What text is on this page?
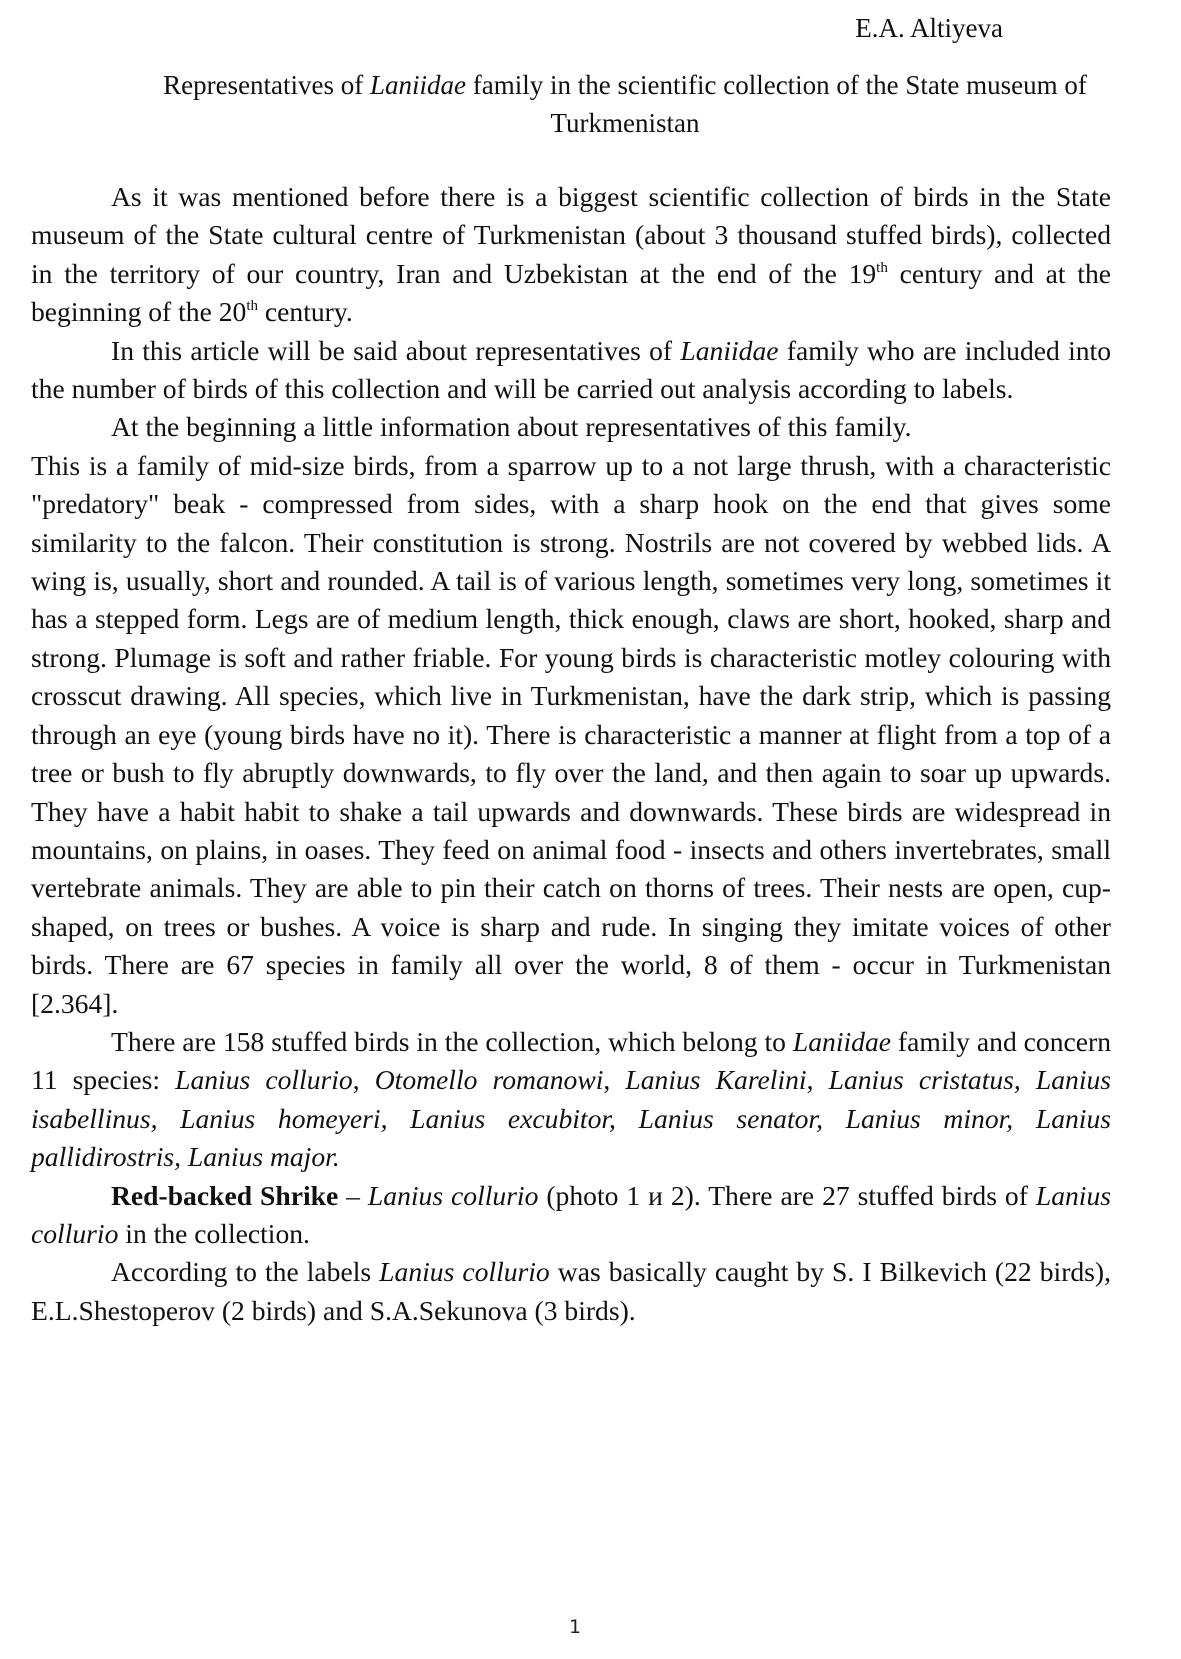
E.A. Altiyeva
Representatives of Laniidae family in the scientific collection of the State museum of Turkmenistan

As it was mentioned before there is a biggest scientific collection of birds in the State museum of the State cultural centre of Turkmenistan (about 3 thousand stuffed birds), collected in the territory of our country, Iran and Uzbekistan at the end of the 19th century and at the beginning of the 20th century.

In this article will be said about representatives of Laniidae family who are included into the number of birds of this collection and will be carried out analysis according to labels.

At the beginning a little information about representatives of this family.

This is a family of mid-size birds, from a sparrow up to a not large thrush, with a characteristic "predatory" beak - compressed from sides, with a sharp hook on the end that gives some similarity to the falcon. Their constitution is strong. Nostrils are not covered by webbed lids. A wing is, usually, short and rounded. A tail is of various length, sometimes very long, sometimes it has a stepped form. Legs are of medium length, thick enough, claws are short, hooked, sharp and strong. Plumage is soft and rather friable. For young birds is characteristic motley colouring with crosscut drawing. All species, which live in Turkmenistan, have the dark strip, which is passing through an eye (young birds have no it). There is characteristic a manner at flight from a top of a tree or bush to fly abruptly downwards, to fly over the land, and then again to soar up upwards. They have a habit habit to shake a tail upwards and downwards. These birds are widespread in mountains, on plains, in oases. They feed on animal food - insects and others invertebrates, small vertebrate animals. They are able to pin their catch on thorns of trees. Their nests are open, cup-shaped, on trees or bushes. A voice is sharp and rude. In singing they imitate voices of other birds. There are 67 species in family all over the world, 8 of them - occur in Turkmenistan [2.364].

There are 158 stuffed birds in the collection, which belong to Laniidae family and concern 11 species: Lanius collurio, Otomello romanowi, Lanius Karelini, Lanius cristatus, Lanius isabellinus, Lanius homeyeri, Lanius excubitor, Lanius senator, Lanius minor, Lanius pallidirostris, Lanius major.

Red-backed Shrike – Lanius collurio (photo 1 и 2). There are 27 stuffed birds of Lanius collurio in the collection.

According to the labels Lanius collurio was basically caught by S. I Bilkevich (22 birds), E.L.Shestoperov (2 birds) and S.A.Sekunova (3 birds).

1
